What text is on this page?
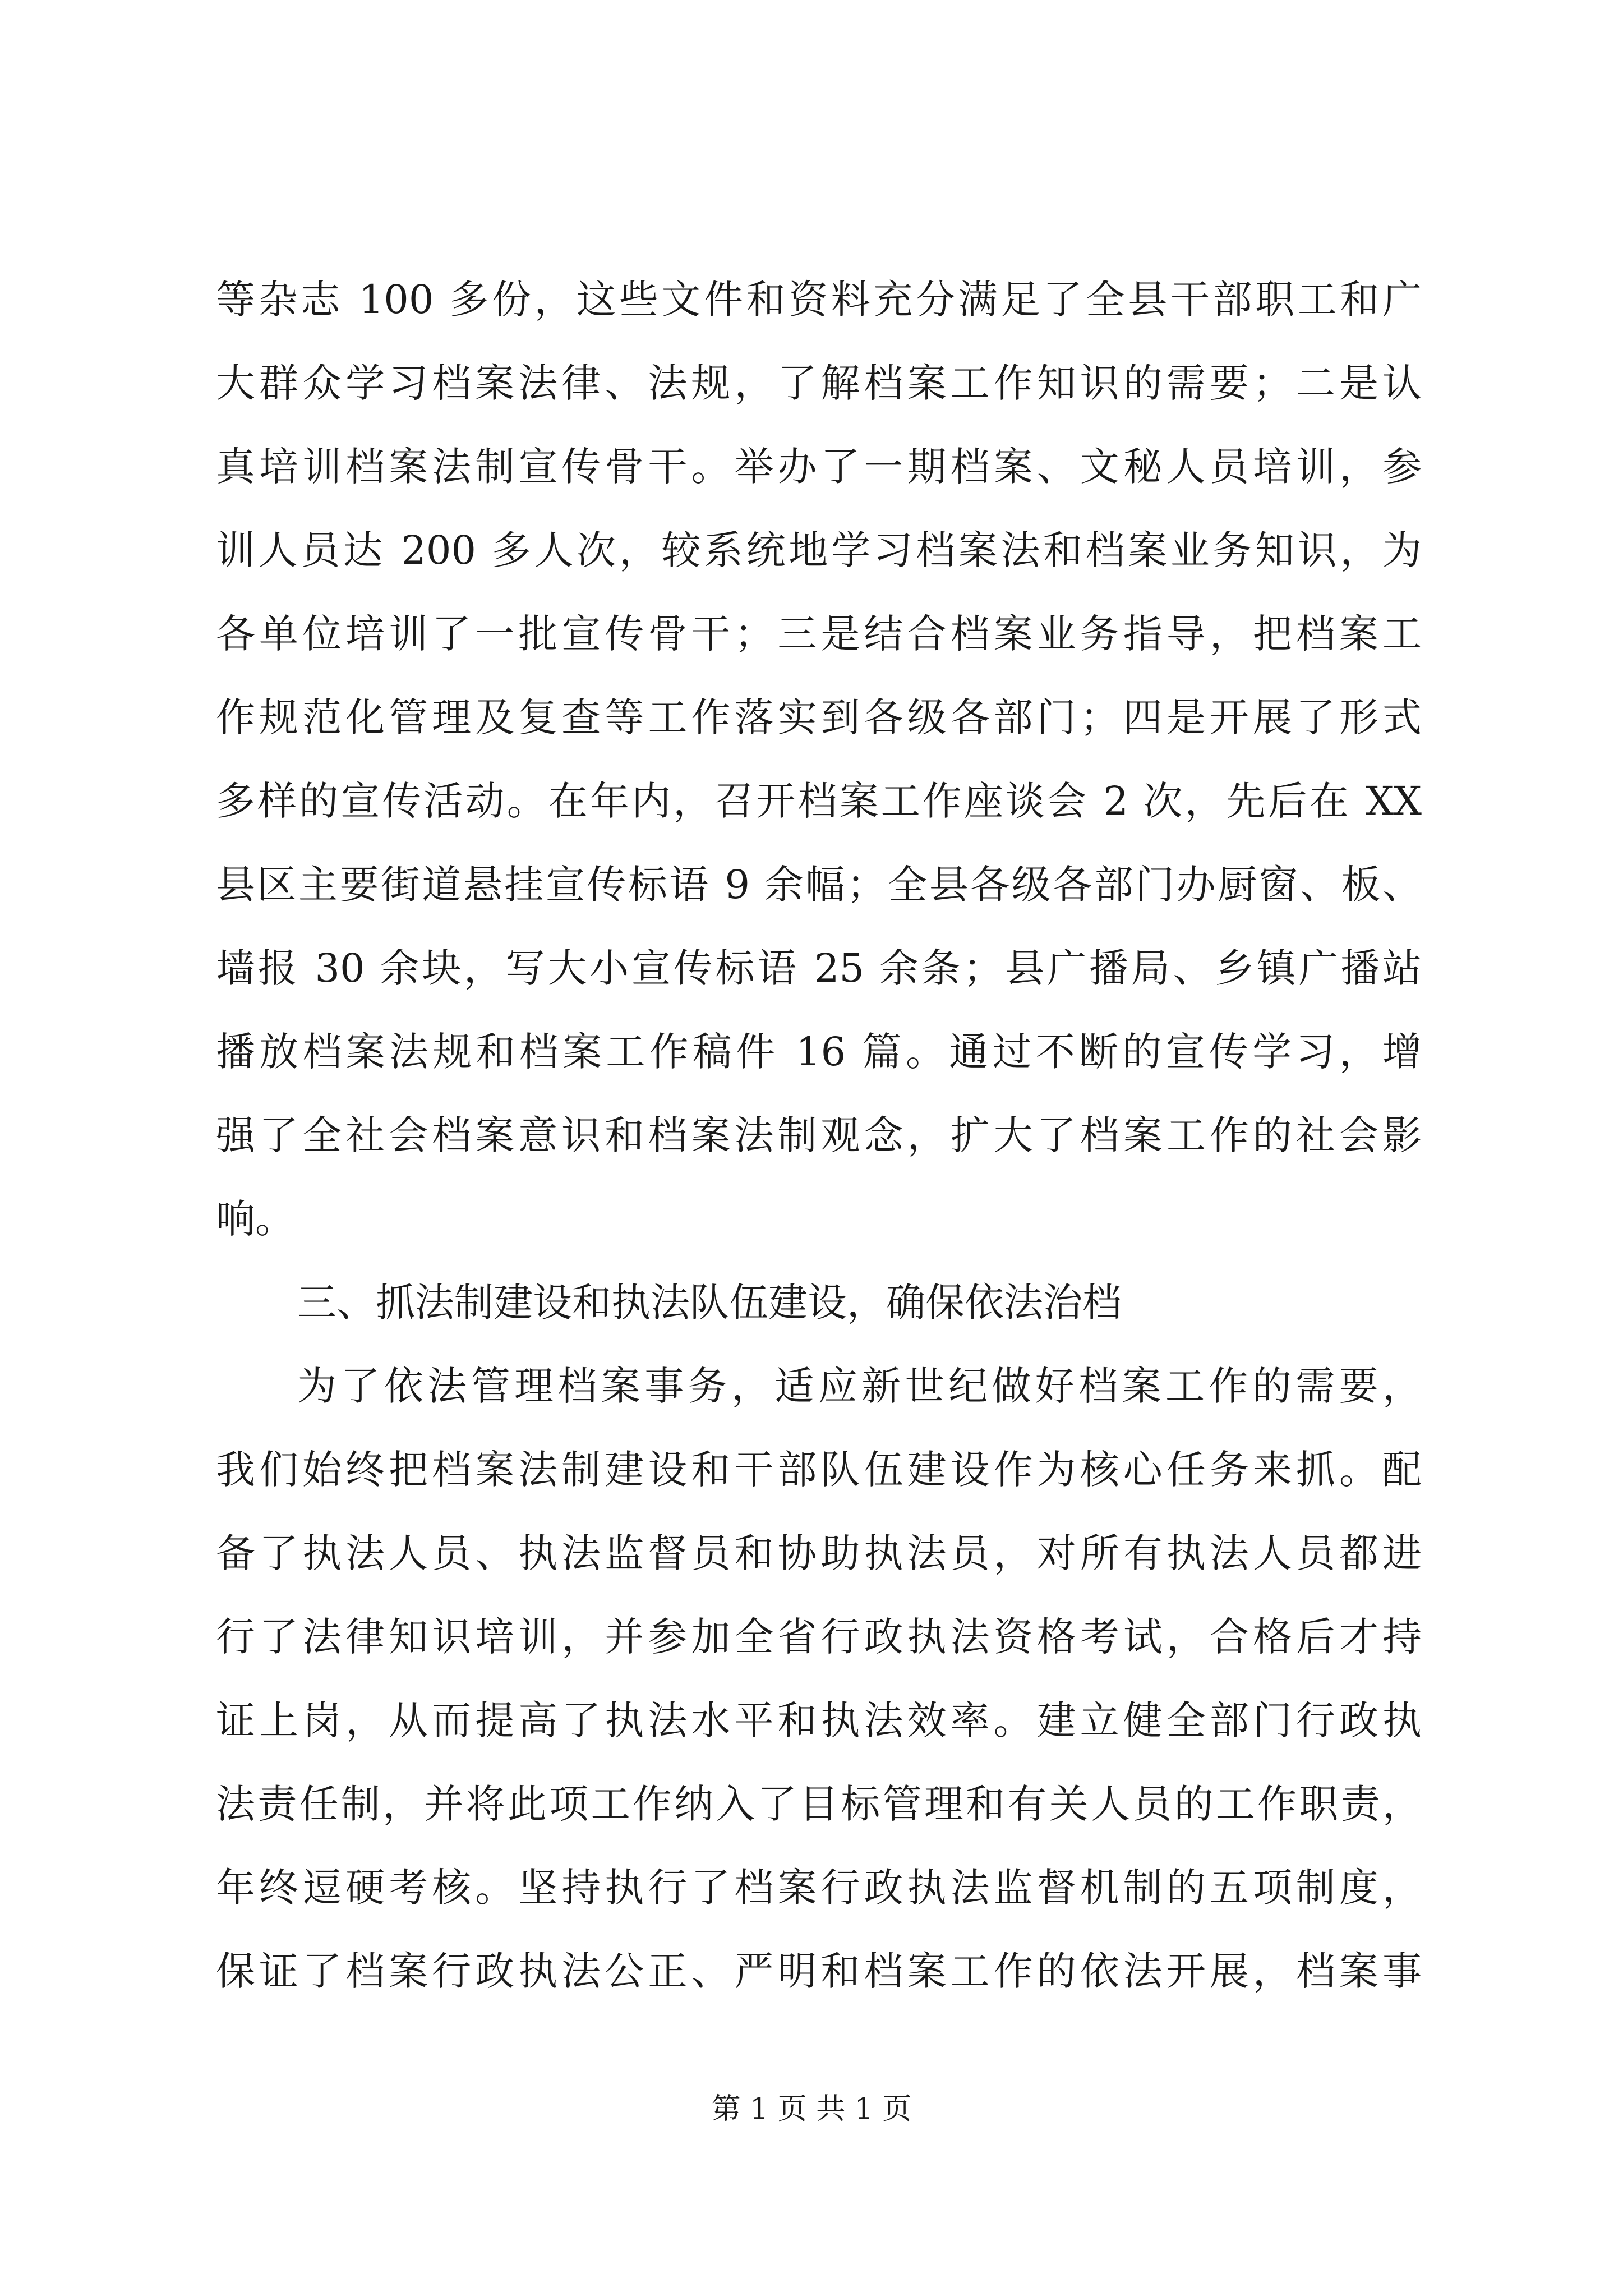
等杂志 100 多份，这些文件和资料充分满足了全县干部职工和广
大群众学习档案法律、法规，了解档案工作知识的需要；二是认
真培训档案法制宣传骨干。举办了一期档案、文秘人员培训，参
训人员达 200 多人次，较系统地学习档案法和档案业务知识，为
各单位培训了一批宣传骨干；三是结合档案业务指导，把档案工
作规范化管理及复查等工作落实到各级各部门；四是开展了形式
多样的宣传活动。在年内，召开档案工作座谈会 2 次，先后在 XX
县区主要街道悬挂宣传标语 9 余幅；全县各级各部门办厨窗、板、
墙报 30 余块，写大小宣传标语 25 余条；县广播局、乡镇广播站
播放档案法规和档案工作稿件 16 篇。通过不断的宣传学习，增
强了全社会档案意识和档案法制观念，扩大了档案工作的社会影
响。
三、抓法制建设和执法队伍建设，确保依法治档
为了依法管理档案事务，适应新世纪做好档案工作的需要，
我们始终把档案法制建设和干部队伍建设作为核心任务来抓。配
备了执法人员、执法监督员和协助执法员，对所有执法人员都进
行了法律知识培训，并参加全省行政执法资格考试，合格后才持
证上岗，从而提高了执法水平和执法效率。建立健全部门行政执
法责任制，并将此项工作纳入了目标管理和有关人员的工作职责，
年终逗硬考核。坚持执行了档案行政执法监督机制的五项制度，
保证了档案行政执法公正、严明和档案工作的依法开展，档案事
第 1 页 共 1 页
